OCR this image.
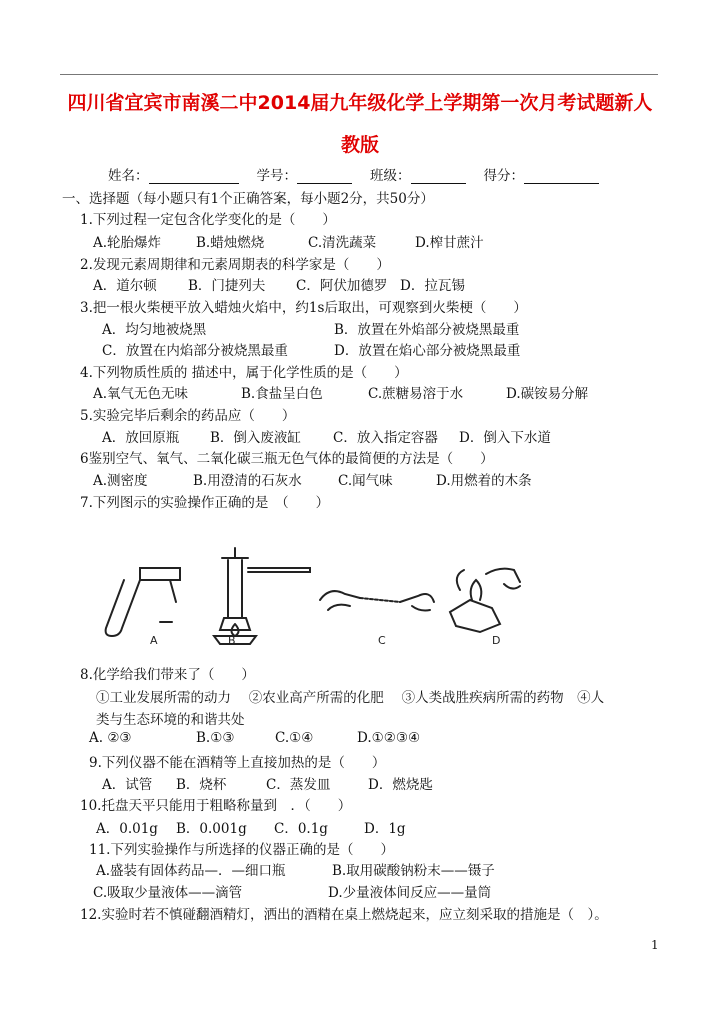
四川省宜宾市南溪二中2014届九年级化学上学期第一次月考试题新人
教版
姓名：	学号：	班级：	得分：
一、选择题（每小题只有1个正确答案，每小题2分，共50分）
1.下列过程一定包含化学变化的是（　　）
A.轮胎爆炸	B.蜡烛燃烧	C.清洗蔬菜	D.榨甘蔗汁
2.发现元素周期律和元素周期表的科学家是（　　）
A．道尔顿 B．门捷列夫 C．阿伏加德罗 D．拉瓦锡
3.把一根火柴梗平放入蜡烛火焰中，约1s后取出，可观察到火柴梗（　　）
A．均匀地被烧黑	B．放置在外焰部分被烧黑最重
C．放置在内焰部分被烧黑最重	D．放置在焰心部分被烧黑最重
4.下列物质性质的 描述中，属于化学性质的是（　　）
A.氧气无色无味	B.食盐呈白色	C.蔗糖易溶于水	D.碳铵易分解
5.实验完毕后剩余的药品应（　　）
A．放回原瓶 B．倒入废液缸 C．放入指定容器 D．倒入下水道
6鉴别空气、氧气、二氧化碳三瓶无色气体的最简便的方法是（　　）
A.测密度	B.用澄清的石灰水	C.闻气味	D.用燃着的木条
7.下列图示的实验操作正确的是　（　　）
A	B	C	D
8.化学给我们带来了（　　）
①工业发展所需的动力　 ②农业高产所需的化肥　 ③人类战胜疾病所需的药物　④人
类与生态环境的和谐共处
A. ②③	B.①③	C.①④	D.①②③④
9.下列仪器不能在酒精等上直接加热的是（　　）
A．试管 B．烧杯	C．蒸发皿	D．燃烧匙
10.托盘天平只能用于粗略称量到　．（　　）
A．0.01g B．0.001g C．0.1g	D．1g
11.下列实验操作与所选择的仪器正确的是（　　）
A.盛装有固体药品—．—细口瓶	B.取用碳酸钠粉末——镊子
C.吸取少量液体——滴管	D.少量液体间反应——量筒
12.实验时若不慎碰翻酒精灯，洒出的酒精在桌上燃烧起来，应立刻采取的措施是（　）。
1
